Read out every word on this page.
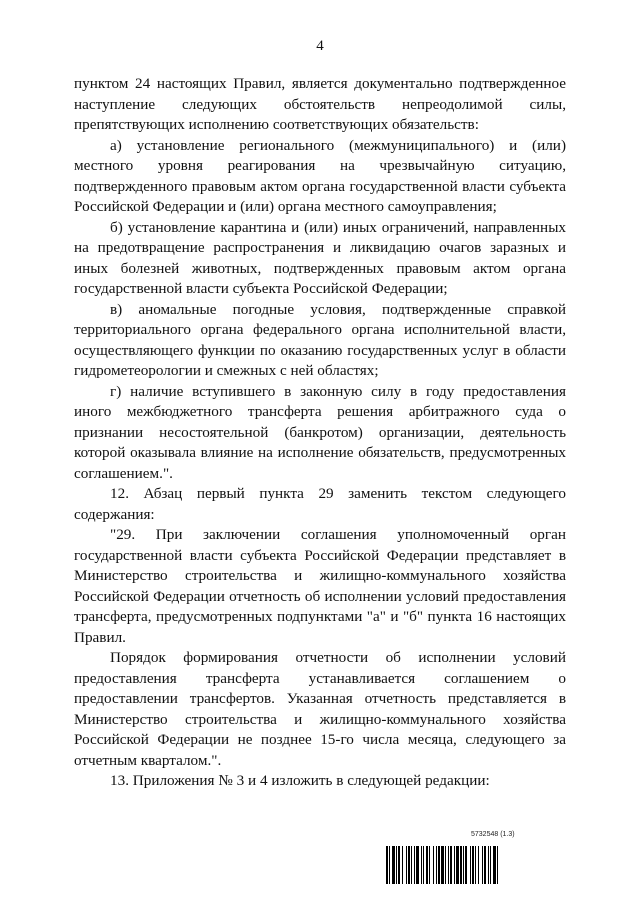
4

пунктом 24 настоящих Правил, является документально подтвержденное наступление следующих обстоятельств непреодолимой силы, препятствующих исполнению соответствующих обязательств:

а) установление регионального (межмуниципального) и (или) местного уровня реагирования на чрезвычайную ситуацию, подтвержденного правовым актом органа государственной власти субъекта Российской Федерации и (или) органа местного самоуправления;

б) установление карантина и (или) иных ограничений, направленных на предотвращение распространения и ликвидацию очагов заразных и иных болезней животных, подтвержденных правовым актом органа государственной власти субъекта Российской Федерации;

в) аномальные погодные условия, подтвержденные справкой территориального органа федерального органа исполнительной власти, осуществляющего функции по оказанию государственных услуг в области гидрометеорологии и смежных с ней областях;

г) наличие вступившего в законную силу в году предоставления иного межбюджетного трансферта решения арбитражного суда о признании несостоятельной (банкротом) организации, деятельность которой оказывала влияние на исполнение обязательств, предусмотренных соглашением.".

12. Абзац первый пункта 29 заменить текстом следующего содержания:

"29. При заключении соглашения уполномоченный орган государственной власти субъекта Российской Федерации представляет в Министерство строительства и жилищно-коммунального хозяйства Российской Федерации отчетность об исполнении условий предоставления трансферта, предусмотренных подпунктами "а" и "б" пункта 16 настоящих Правил.

Порядок формирования отчетности об исполнении условий предоставления трансферта устанавливается соглашением о предоставлении трансфертов. Указанная отчетность представляется в Министерство строительства и жилищно-коммунального хозяйства Российской Федерации не позднее 15-го числа месяца, следующего за отчетным кварталом.".

13. Приложения № 3 и 4 изложить в следующей редакции:

5732548 (1.3)
